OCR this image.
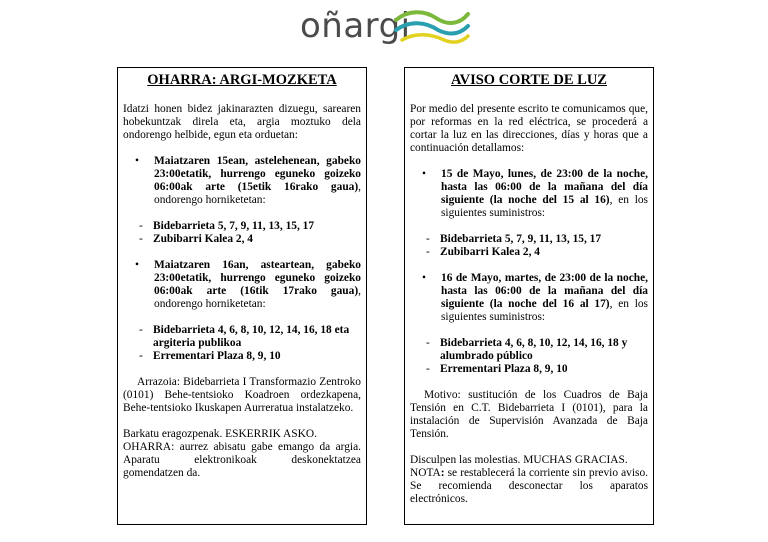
oñargi
OHARRA: ARGI-MOZKETA

Idatzi honen bidez jakinarazten dizuegu, sarearen hobekuntzak direla eta, argia moztuko dela ondorengo helbide, egun eta orduetan:

• Maiatzaren 15ean, astelehenean, gabeko 23:00etatik, hurrengo eguneko goizeko 06:00ak arte (15etik 16rako gaua), ondorengo horniketetan:
- Bidebarrieta 5, 7, 9, 11, 13, 15, 17
- Zubibarri Kalea 2, 4
• Maiatzaren 16an, asteartean, gabeko 23:00etatik, hurrengo eguneko goizeko 06:00ak arte (16tik 17rako gaua), ondorengo horniketetan:
- Bidebarrieta 4, 6, 8, 10, 12, 14, 16, 18 eta argiteria publikoa
- Errementari Plaza 8, 9, 10

Arrazoia: Bidebarrieta I Transformazio Zentroko (0101) Behe-tentsioko Koadroen ordezkapena, Behe-tentsioko Ikuskapen Aurreratua instalatzeko.

Barkatu eragozpenak. ESKERRIK ASKO.

OHARRA: aurrez abisatu gabe emango da argia. Aparatu elektronikoak deskonektatzea gomendatzen da.

AVISO CORTE DE LUZ

Por medio del presente escrito te comunicamos que, por reformas en la red eléctrica, se procederá a cortar la luz en las direcciones, días y horas que a continuación detallamos:

• 15 de Mayo, lunes, de 23:00 de la noche, hasta las 06:00 de la mañana del día siguiente (la noche del 15 al 16), en los siguientes suministros:
- Bidebarrieta 5, 7, 9, 11, 13, 15, 17
- Zubibarri Kalea 2, 4
• 16 de Mayo, martes, de 23:00 de la noche, hasta las 06:00 de la mañana del día siguiente (la noche del 16 al 17), en los siguientes suministros:
- Bidebarrieta 4, 6, 8, 10, 12, 14, 16, 18 y alumbrado público
- Errementari Plaza 8, 9, 10

Motivo: sustitución de los Cuadros de Baja Tensión en C.T. Bidebarrieta I (0101), para la instalación de Supervisión Avanzada de Baja Tensión.

Disculpen las molestias. MUCHAS GRACIAS.

NOTA: se restablecerá la corriente sin previo aviso. Se recomienda desconectar los aparatos electrónicos.
